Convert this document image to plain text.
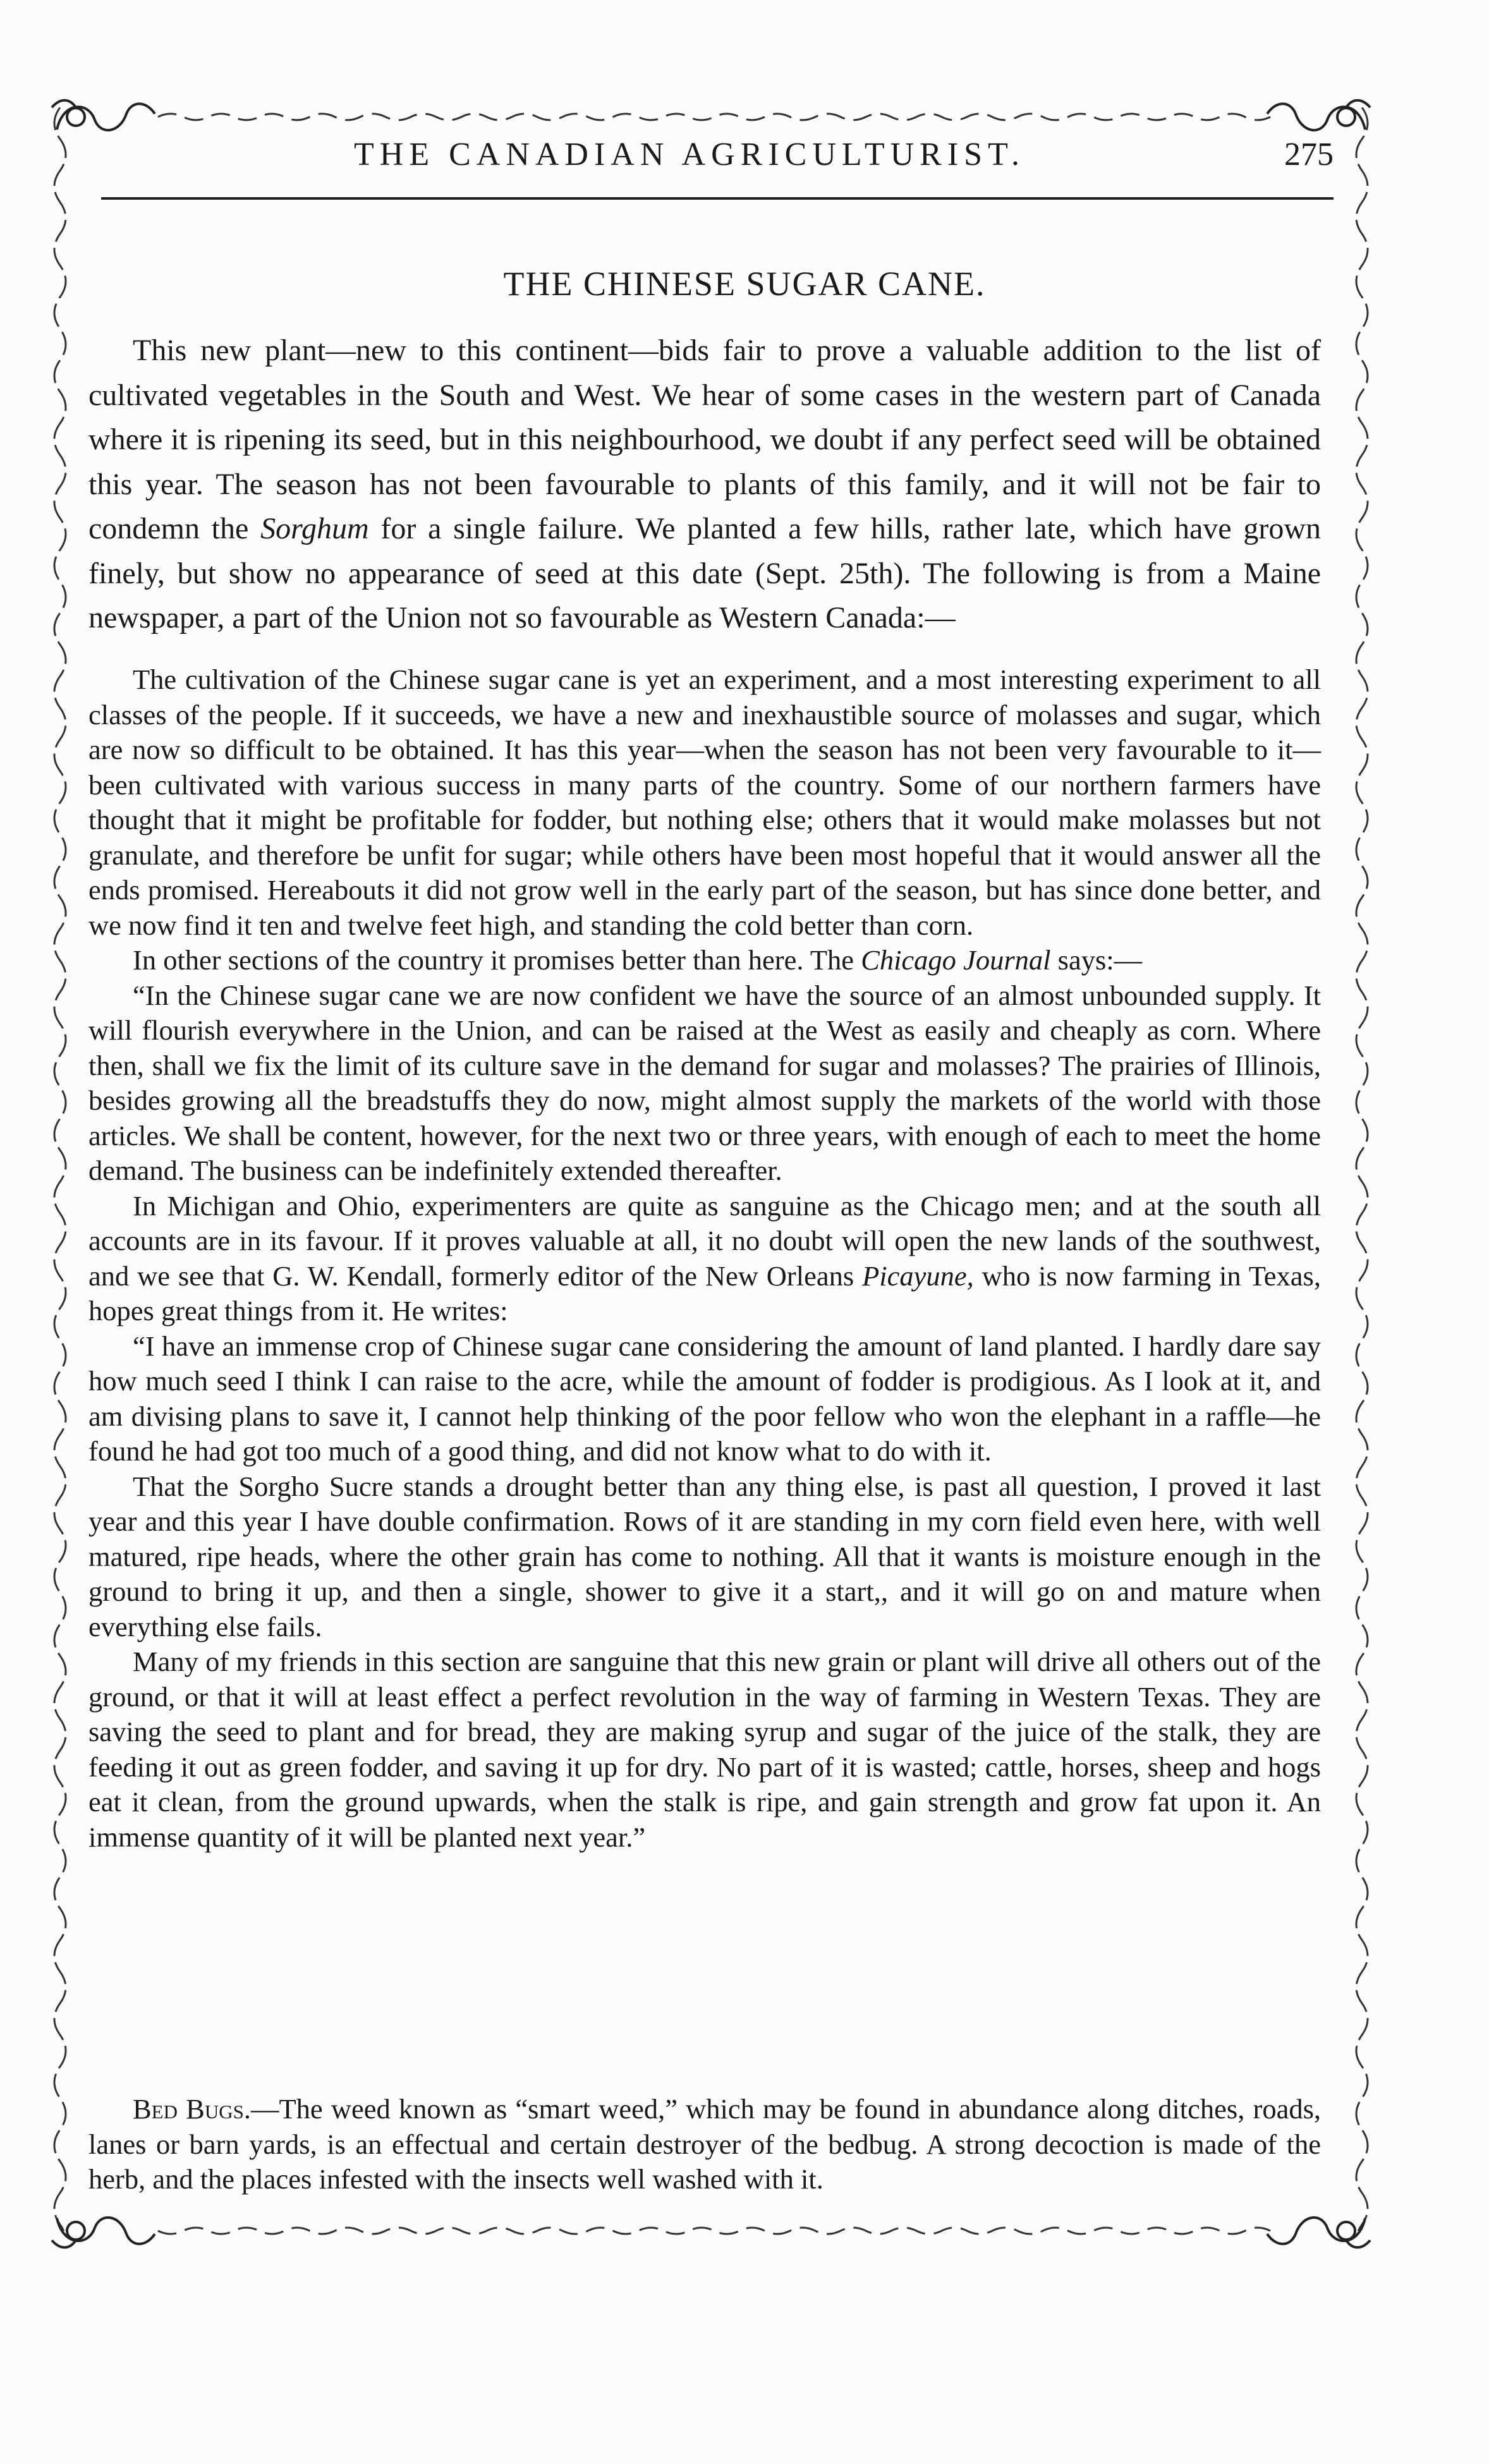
THE CANADIAN AGRICULTURIST.	275
THE CHINESE SUGAR CANE.

This new plant—new to this continent—bids fair to prove a valuable addition to the list of cultivated vegetables in the South and West. We hear of some cases in the western part of Canada where it is ripening its seed, but in this neighbourhood, we doubt if any perfect seed will be obtained this year. The season has not been favourable to plants of this family, and it will not be fair to condemn the Sorghum for a single failure. We planted a few hills, rather late, which have grown finely, but show no appearance of seed at this date (Sept. 25th). The following is from a Maine newspaper, a part of the Union not so favourable as Western Canada:—

The cultivation of the Chinese sugar cane is yet an experiment, and a most interesting experiment to all classes of the people. If it succeeds, we have a new and inexhaustible source of molasses and sugar, which are now so difficult to be obtained. It has this year—when the season has not been very favourable to it—been cultivated with various success in many parts of the country. Some of our northern farmers have thought that it might be profitable for fodder, but nothing else; others that it would make molasses but not granulate, and therefore be unfit for sugar; while others have been most hopeful that it would answer all the ends promised. Hereabouts it did not grow well in the early part of the season, but has since done better, and we now find it ten and twelve feet high, and standing the cold better than corn.

In other sections of the country it promises better than here. The Chicago Journal says:—

“In the Chinese sugar cane we are now confident we have the source of an almost unbounded supply. It will flourish everywhere in the Union, and can be raised at the West as easily and cheaply as corn. Where then, shall we fix the limit of its culture save in the demand for sugar and molasses? The prairies of Illinois, besides growing all the breadstuffs they do now, might almost supply the markets of the world with those articles. We shall be content, however, for the next two or three years, with enough of each to meet the home demand. The business can be indefinitely extended thereafter.

In Michigan and Ohio, experimenters are quite as sanguine as the Chicago men; and at the south all accounts are in its favour. If it proves valuable at all, it no doubt will open the new lands of the southwest, and we see that G. W. Kendall, formerly editor of the New Orleans Picayune, who is now farming in Texas, hopes great things from it. He writes:

“I have an immense crop of Chinese sugar cane considering the amount of land planted. I hardly dare say how much seed I think I can raise to the acre, while the amount of fodder is prodigious. As I look at it, and am divising plans to save it, I cannot help thinking of the poor fellow who won the elephant in a raffle—he found he had got too much of a good thing, and did not know what to do with it.

That the Sorgho Sucre stands a drought better than any thing else, is past all question, I proved it last year and this year I have double confirmation. Rows of it are standing in my corn field even here, with well matured, ripe heads, where the other grain has come to nothing. All that it wants is moisture enough in the ground to bring it up, and then a single, shower to give it a start,, and it will go on and mature when everything else fails.

Many of my friends in this section are sanguine that this new grain or plant will drive all others out of the ground, or that it will at least effect a perfect revolution in the way of farming in Western Texas. They are saving the seed to plant and for bread, they are making syrup and sugar of the juice of the stalk, they are feeding it out as green fodder, and saving it up for dry. No part of it is wasted; cattle, horses, sheep and hogs eat it clean, from the ground upwards, when the stalk is ripe, and gain strength and grow fat upon it. An immense quantity of it will be planted next year.”

Bed Bugs.—The weed known as “smart weed,” which may be found in abundance along ditches, roads, lanes or barn yards, is an effectual and certain destroyer of the bedbug. A strong decoction is made of the herb, and the places infested with the insects well washed with it.
